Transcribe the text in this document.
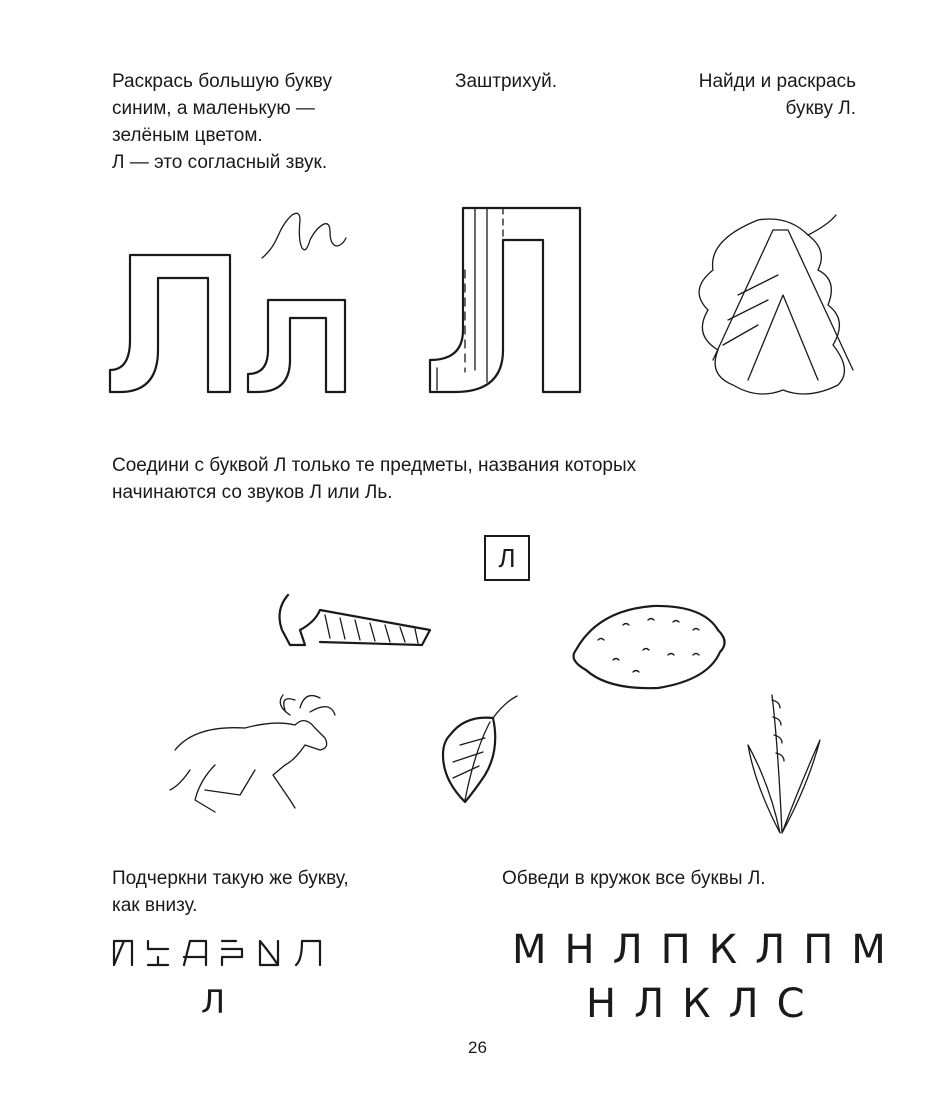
Раскрась большую букву
синим, а маленькую —
зелёным цветом.
Л — это согласный звук.
Заштрихуй.	Найди и раскрась
букву Л.
Соедини с буквой Л только те предметы, названия которых
начинаются со звуков Л или Ль.
Л
Подчеркни такую же букву,
как внизу.
Обведи в кружок все буквы Л.
Л
МНЛПКЛПМ
НЛКЛС
26
